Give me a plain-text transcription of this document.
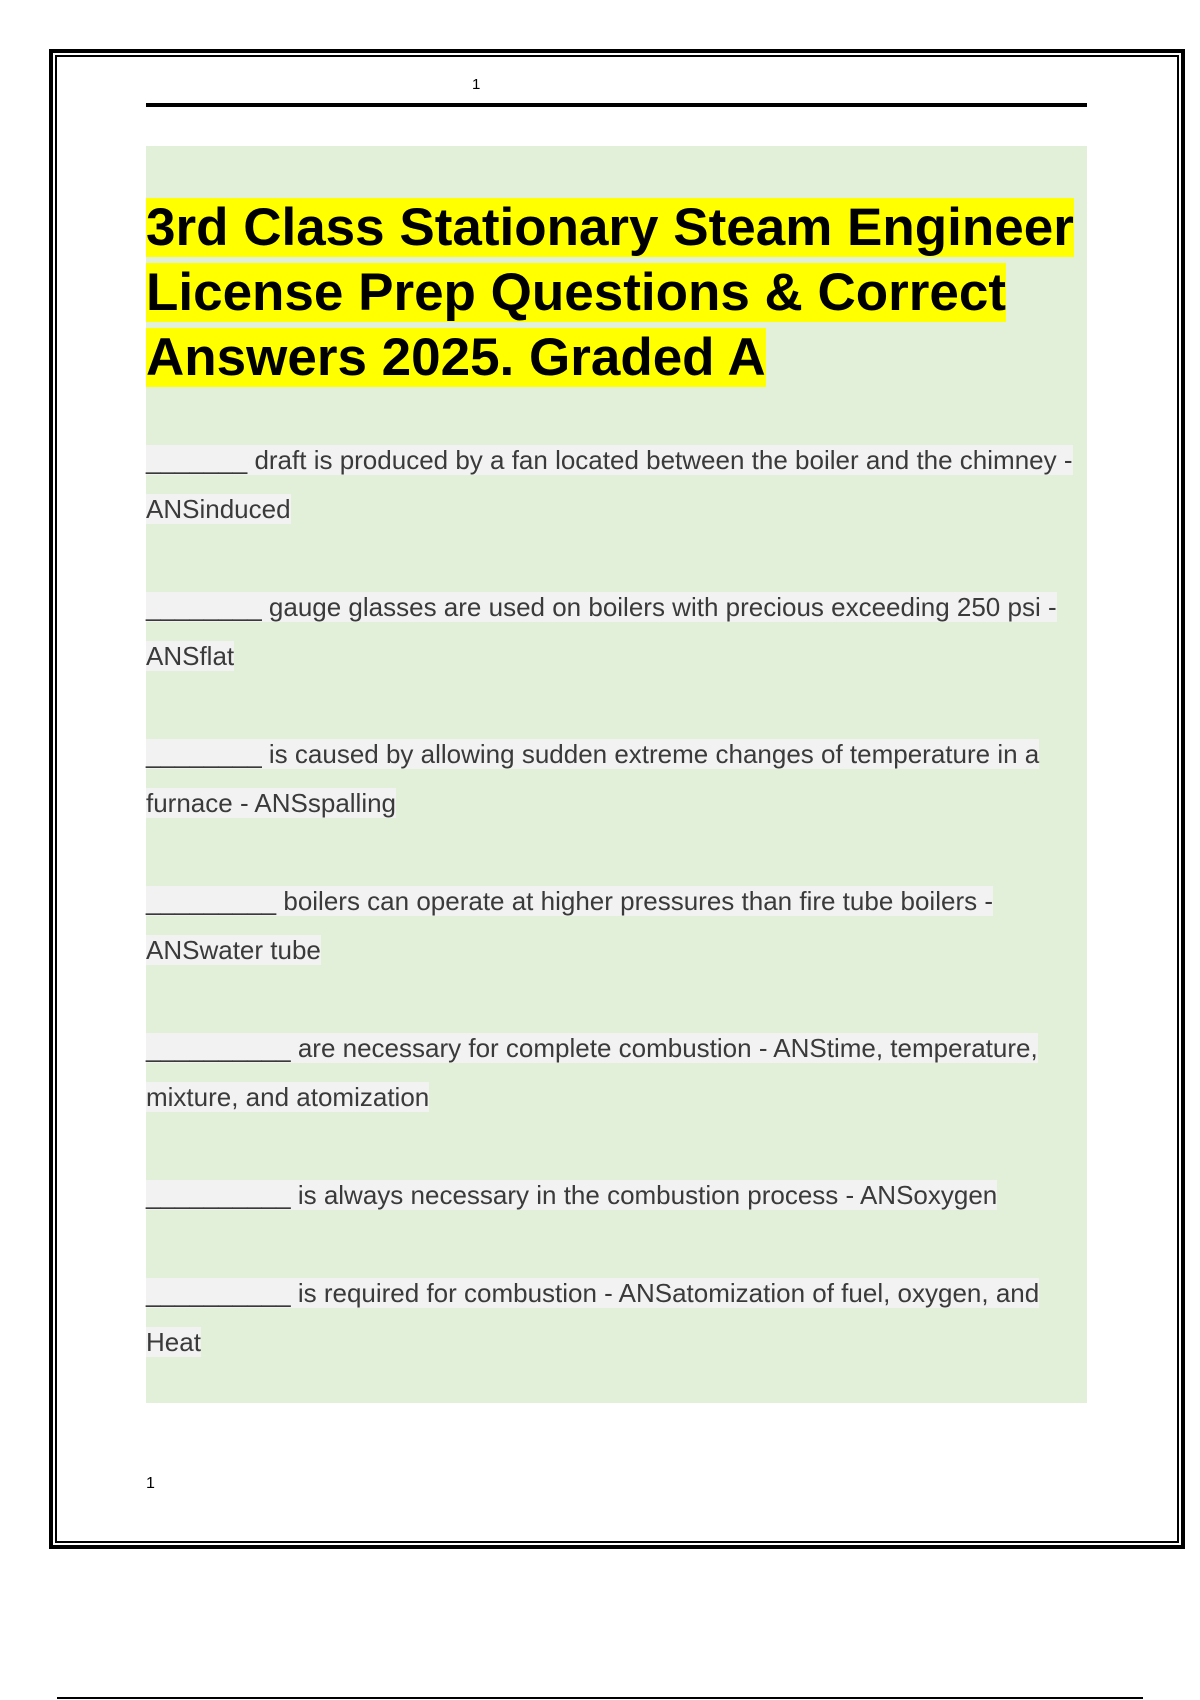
1
3rd Class Stationary Steam Engineer License Prep Questions & Correct Answers 2025. Graded A

_______ draft is produced by a fan located between the boiler and the chimney - ANSinduced

________ gauge glasses are used on boilers with precious exceeding 250 psi - ANSflat

________ is caused by allowing sudden extreme changes of temperature in a furnace - ANSspalling

_________ boilers can operate at higher pressures than fire tube boilers - ANSwater tube

__________ are necessary for complete combustion - ANStime, temperature, mixture, and atomization

__________ is always necessary in the combustion process - ANSoxygen

__________ is required for combustion - ANSatomization of fuel, oxygen, and Heat

1
